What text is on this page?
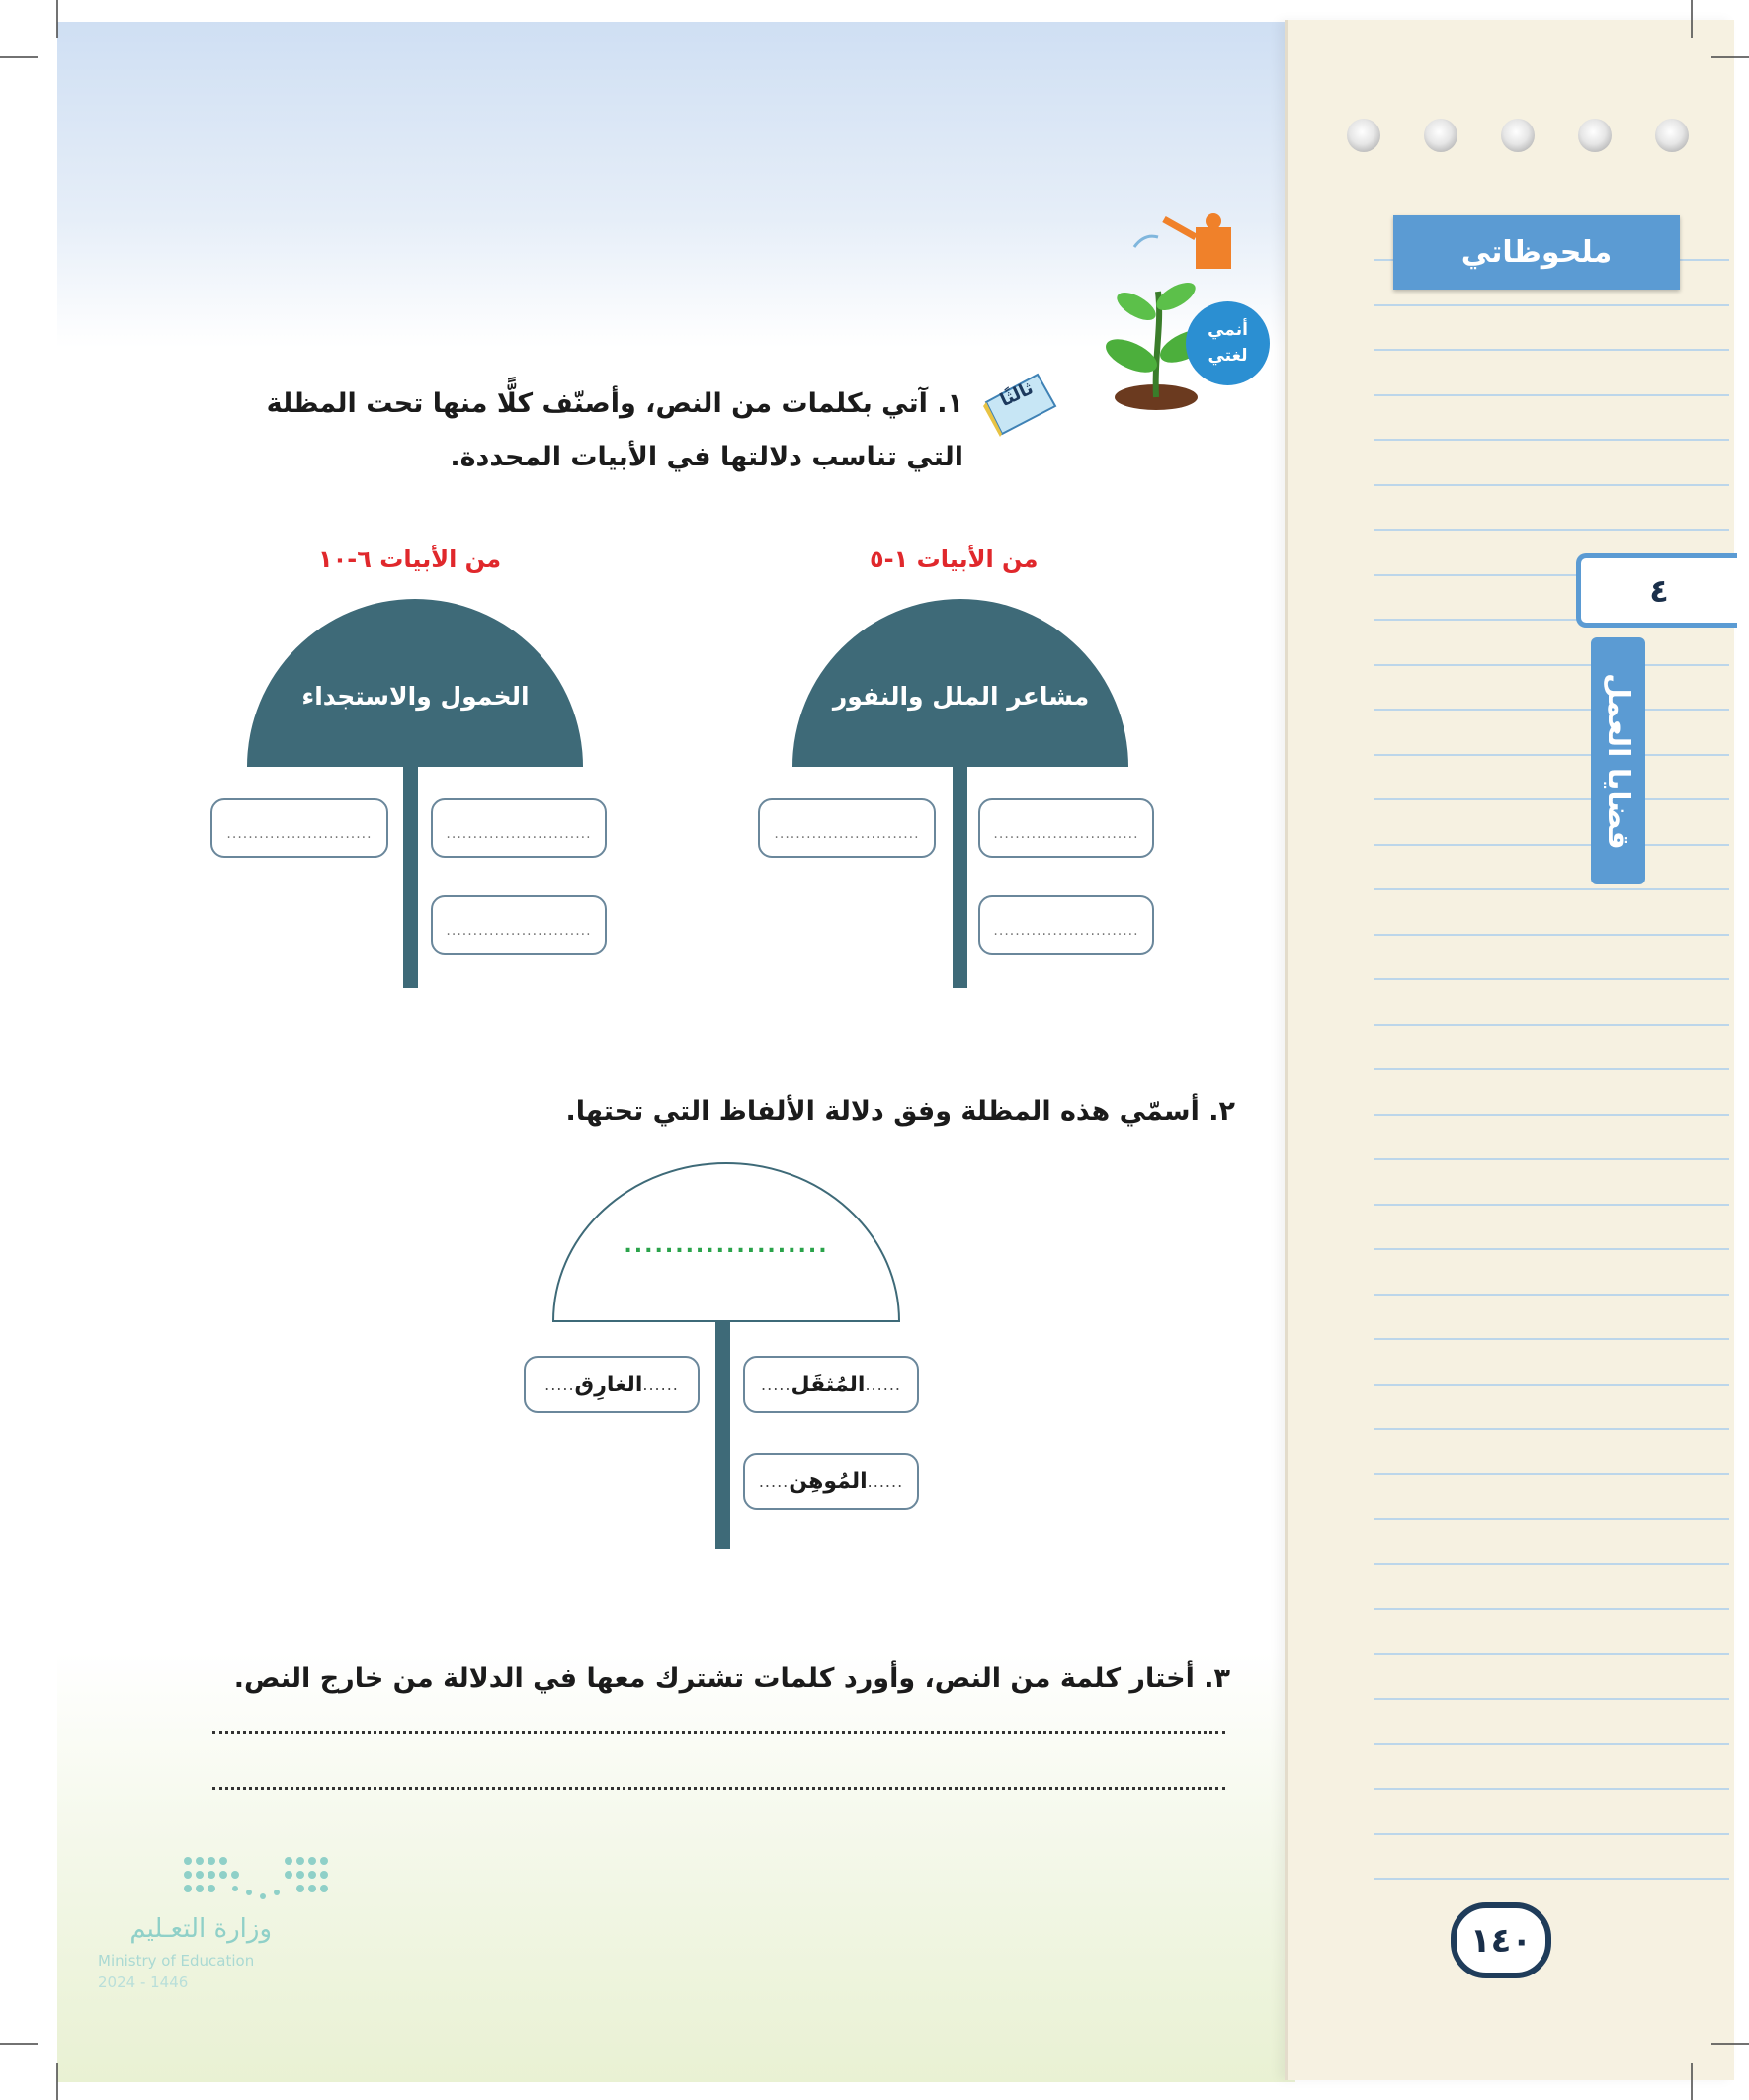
ملحوظاتي
٤
قضايا العمل
١٤٠
أنمي
لغتي
ثالثًا
١. آتي بكلمات من النص، وأصنّف كلًّا منها تحت المظلة التي تناسب دلالتها في الأبيات المحددة.
من الأبيات ١-٥
مشاعر الملل والنفور
...........................
...........................
...........................
من الأبيات ٦-١٠
الخمول والاستجداء
...........................
...........................
...........................
٢. أسمّي هذه المظلة وفق دلالة الألفاظ التي تحتها.
....................
......
المُثقَل
.....
......
الغارِق
.....
......
المُوهِن
.....
٣. أختار كلمة من النص، وأورد كلمات تشترك معها في الدلالة من خارج النص.
وزارة التعـليم
Ministry of Education
2024 - 1446
